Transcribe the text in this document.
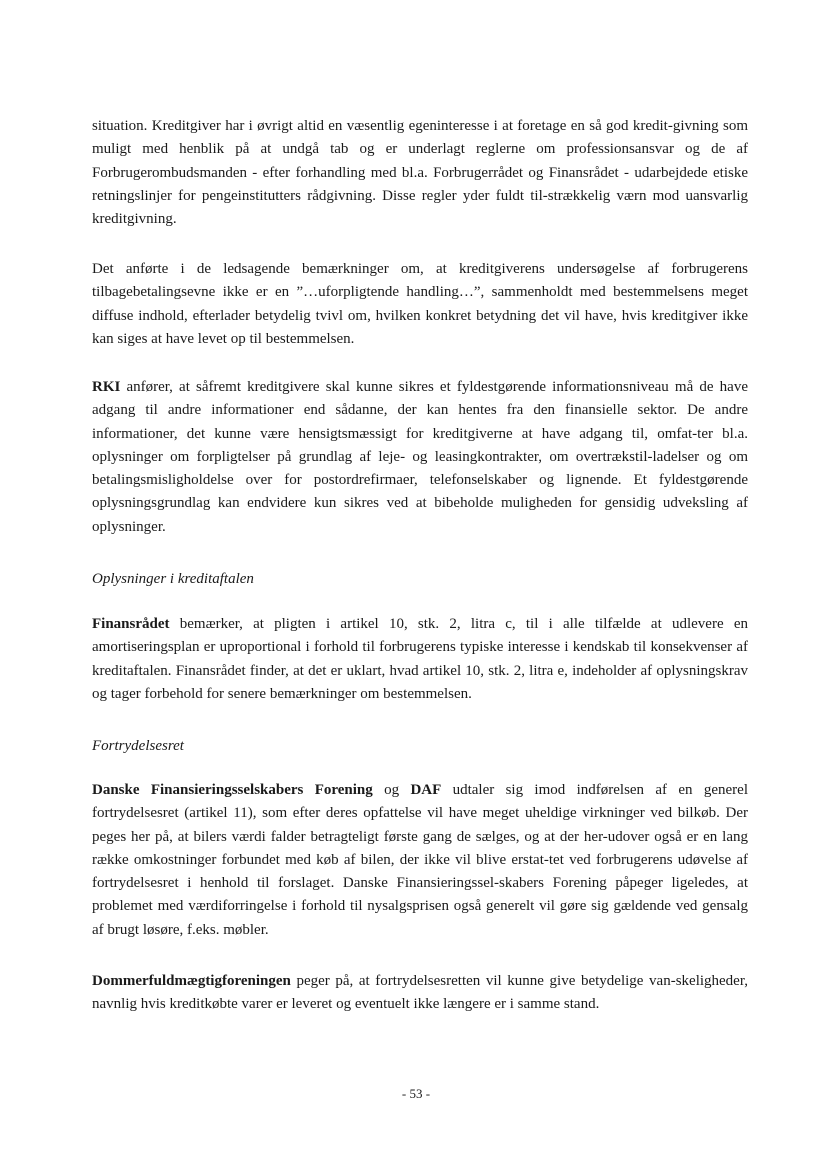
situation. Kreditgiver har i øvrigt altid en væsentlig egeninteresse i at foretage en så god kredit-givning som muligt med henblik på at undgå tab og er underlagt reglerne om professionsansvar og de af Forbrugerombudsmanden - efter forhandling med bl.a. Forbrugerrådet og Finansrådet - udarbejdede etiske retningslinjer for pengeinstitutters rådgivning. Disse regler yder fuldt til-strækkelig værn mod uansvarlig kreditgivning.

Det anførte i de ledsagende bemærkninger om, at kreditgiverens undersøgelse af forbrugerens tilbagebetalingsevne ikke er en ”…uforpligtende handling…”, sammenholdt med bestemmelsens meget diffuse indhold, efterlader betydelig tvivl om, hvilken konkret betydning det vil have, hvis kreditgiver ikke kan siges at have levet op til bestemmelsen.

RKI anfører, at såfremt kreditgivere skal kunne sikres et fyldestgørende informationsniveau må de have adgang til andre informationer end sådanne, der kan hentes fra den finansielle sektor. De andre informationer, det kunne være hensigtsmæssigt for kreditgiverne at have adgang til, omfat-ter bl.a. oplysninger om forpligtelser på grundlag af leje- og leasingkontrakter, om overtrækstil-ladelser og om betalingsmisligholdelse over for postordrefirmaer, telefonselskaber og lignende. Et fyldestgørende oplysningsgrundlag kan endvidere kun sikres ved at bibeholde muligheden for gensidig udveksling af oplysninger.

Oplysninger i kreditaftalen

Finansrådet bemærker, at pligten i artikel 10, stk. 2, litra c, til i alle tilfælde at udlevere en amortiseringsplan er uproportional i forhold til forbrugerens typiske interesse i kendskab til konsekvenser af kreditaftalen. Finansrådet finder, at det er uklart, hvad artikel 10, stk. 2, litra e, indeholder af oplysningskrav og tager forbehold for senere bemærkninger om bestemmelsen.

Fortrydelsesret

Danske Finansieringsselskabers Forening og DAF udtaler sig imod indførelsen af en generel fortrydelsesret (artikel 11), som efter deres opfattelse vil have meget uheldige virkninger ved bilkøb. Der peges her på, at bilers værdi falder betragteligt første gang de sælges, og at der her-udover også er en lang række omkostninger forbundet med køb af bilen, der ikke vil blive erstat-tet ved forbrugerens udøvelse af fortrydelsesret i henhold til forslaget. Danske Finansieringssel-skabers Forening påpeger ligeledes, at problemet med værdiforringelse i forhold til nysalgsprisen også generelt vil gøre sig gældende ved gensalg af brugt løsøre, f.eks. møbler.

Dommerfuldmægtigforeningen peger på, at fortrydelsesretten vil kunne give betydelige van-skeligheder, navnlig hvis kreditkøbte varer er leveret og eventuelt ikke længere er i samme stand.

- 53 -
